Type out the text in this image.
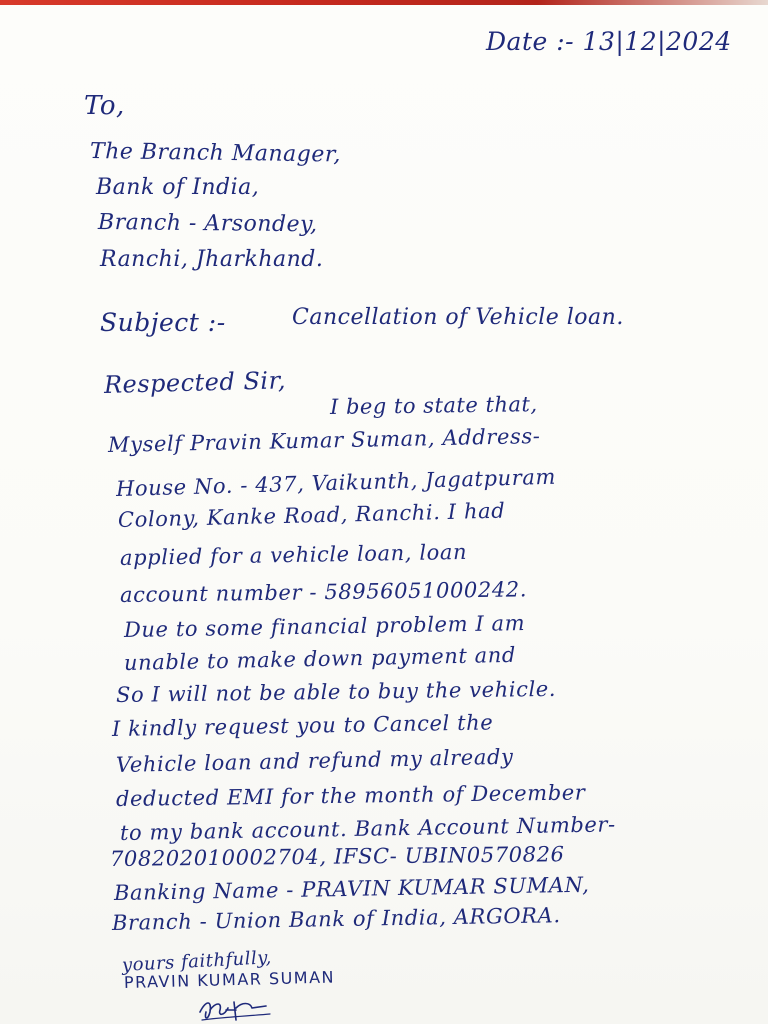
Date :- 13|12|2024
To,
The Branch Manager,
Bank of India,
Branch - Arsondey,
Ranchi, Jharkhand.
Subject :-	Cancellation of Vehicle loan.
Respected Sir,
I beg to state that,
Myself Pravin Kumar Suman, Address-
House No. - 437, Vaikunth, Jagatpuram
Colony, Kanke Road, Ranchi. I had
applied for a vehicle loan, loan
account number - 58956051000242.
Due to some financial problem I am
unable to make down payment and
So I will not be able to buy the vehicle.
I kindly request you to Cancel the
Vehicle loan and refund my already
deducted EMI for the month of December
to my bank account. Bank Account Number-
708202010002704, IFSC- UBIN0570826
Banking Name - PRAVIN KUMAR SUMAN,
Branch - Union Bank of India, ARGORA.
yours faithfully,
PRAVIN KUMAR SUMAN
